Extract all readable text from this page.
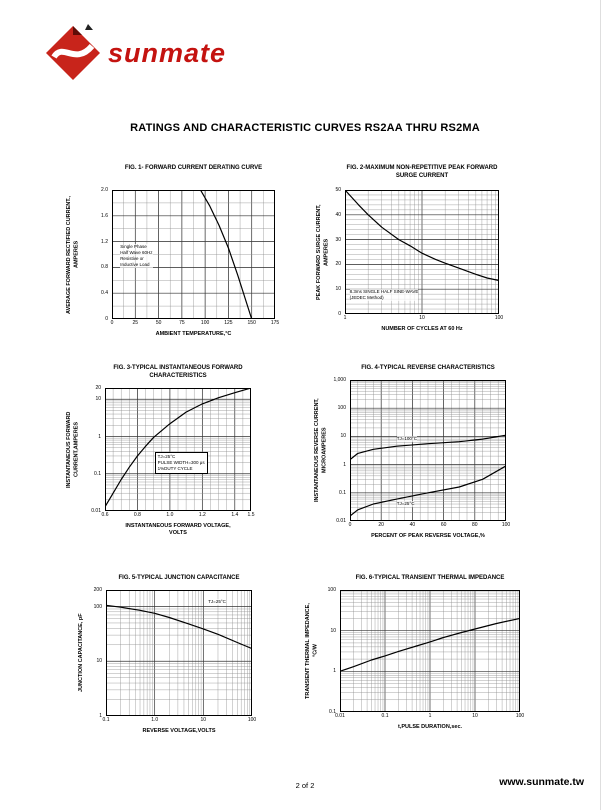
sunmate
RATINGS AND CHARACTERISTIC CURVES RS2AA THRU RS2MA
FIG. 1- FORWARD CURRENT DERATING CURVE
AVERAGE FORWARD RECTIFIED CURRENT., AMPERES
0
0.4
0.8
1.2
1.6
2.0
Single Phase
Half Wave 60Hz
Resistive or
Inductive Load
0	25	50	75	100	125	150	175
AMBIENT TEMPERATURE,°C
FIG. 2-MAXIMUM NON-REPETITIVE PEAK FORWARD
SURGE CURRENT
PEAK FORWARD SURGE CURRENT, AMPERES
0
10
20
30
40
50
8.3ms SINGLE HALF SINE-WAVE
(JEDEC Method)
1	10	100
NUMBER OF CYCLES AT 60 Hz
FIG. 3-TYPICAL INSTANTANEOUS FORWARD
CHARACTERISTICS
INSTANTANEOUS FORWARD CURRENT,AMPERES
0.01
0.1
1
10
20
TJ=25°C
PULSE WIDTH=300 μs
1%DUTY CYCLE
0.6	0.8	1.0	1.2	1.4 1.5
INSTANTANEOUS FORWARD VOLTAGE,
VOLTS
FIG. 4-TYPICAL REVERSE CHARACTERISTICS
INSTANTANEOUS REVERSE CURRENT, MICROAMPERES
0.01
0.1
1
10
100
1,000
TJ=100°C
TJ=25°C
0	20	40	60	80	100
PERCENT OF PEAK REVERSE VOLTAGE,%
FIG. 5-TYPICAL JUNCTION CAPACITANCE
JUNCTION CAPACITANCE, pF
1
10
100
200
TJ=25°C
0.1	1.0	10	100
REVERSE VOLTAGE,VOLTS
FIG. 6-TYPICAL TRANSIENT THERMAL IMPEDANCE
TRANSIENT THERMAL IMPEDANCE, °C/W
0.1
1
10
100
0.01	0.1	1	10	100
t,PULSE DURATION,sec.
2 of 2	www.sunmate.tw
